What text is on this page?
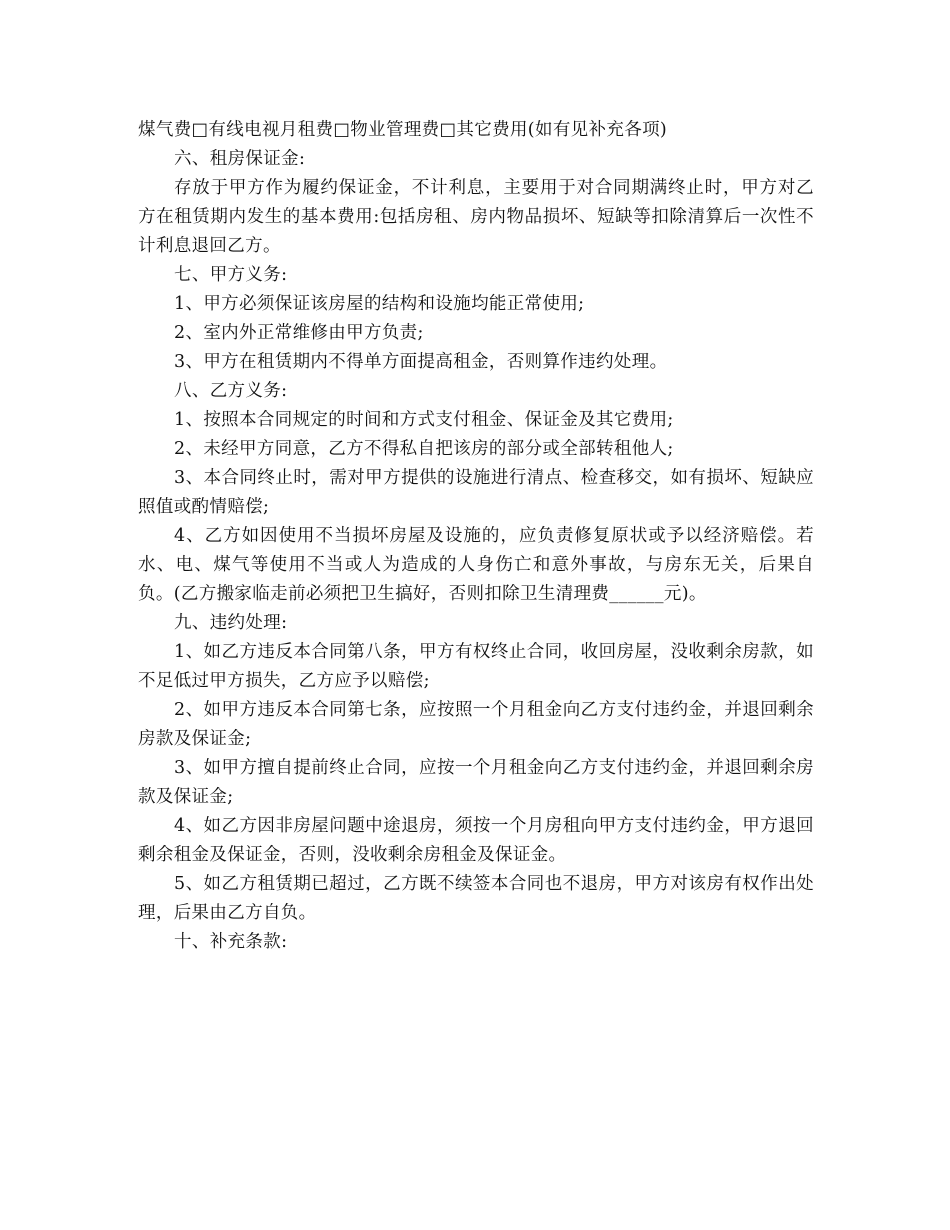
煤气费□有线电视月租费□物业管理费□其它费用(如有见补充各项)

六、租房保证金:

存放于甲方作为履约保证金，不计利息，主要用于对合同期满终止时，甲方对乙方在租赁期内发生的基本费用:包括房租、房内物品损坏、短缺等扣除清算后一次性不计利息退回乙方。

七、甲方义务:

1、甲方必须保证该房屋的结构和设施均能正常使用;

2、室内外正常维修由甲方负责;

3、甲方在租赁期内不得单方面提高租金，否则算作违约处理。

八、乙方义务:

1、按照本合同规定的时间和方式支付租金、保证金及其它费用;

2、未经甲方同意，乙方不得私自把该房的部分或全部转租他人;

3、本合同终止时，需对甲方提供的设施进行清点、检查移交，如有损坏、短缺应照值或酌情赔偿;

4、乙方如因使用不当损坏房屋及设施的，应负责修复原状或予以经济赔偿。若水、电、煤气等使用不当或人为造成的人身伤亡和意外事故，与房东无关，后果自负。(乙方搬家临走前必须把卫生搞好，否则扣除卫生清理费______元)。

九、违约处理:

1、如乙方违反本合同第八条，甲方有权终止合同，收回房屋，没收剩余房款，如不足低过甲方损失，乙方应予以赔偿;

2、如甲方违反本合同第七条，应按照一个月租金向乙方支付违约金，并退回剩余房款及保证金;

3、如甲方擅自提前终止合同，应按一个月租金向乙方支付违约金，并退回剩余房款及保证金;

4、如乙方因非房屋问题中途退房，须按一个月房租向甲方支付违约金，甲方退回剩余租金及保证金，否则，没收剩余房租金及保证金。

5、如乙方租赁期已超过，乙方既不续签本合同也不退房，甲方对该房有权作出处理，后果由乙方自负。

十、补充条款:
